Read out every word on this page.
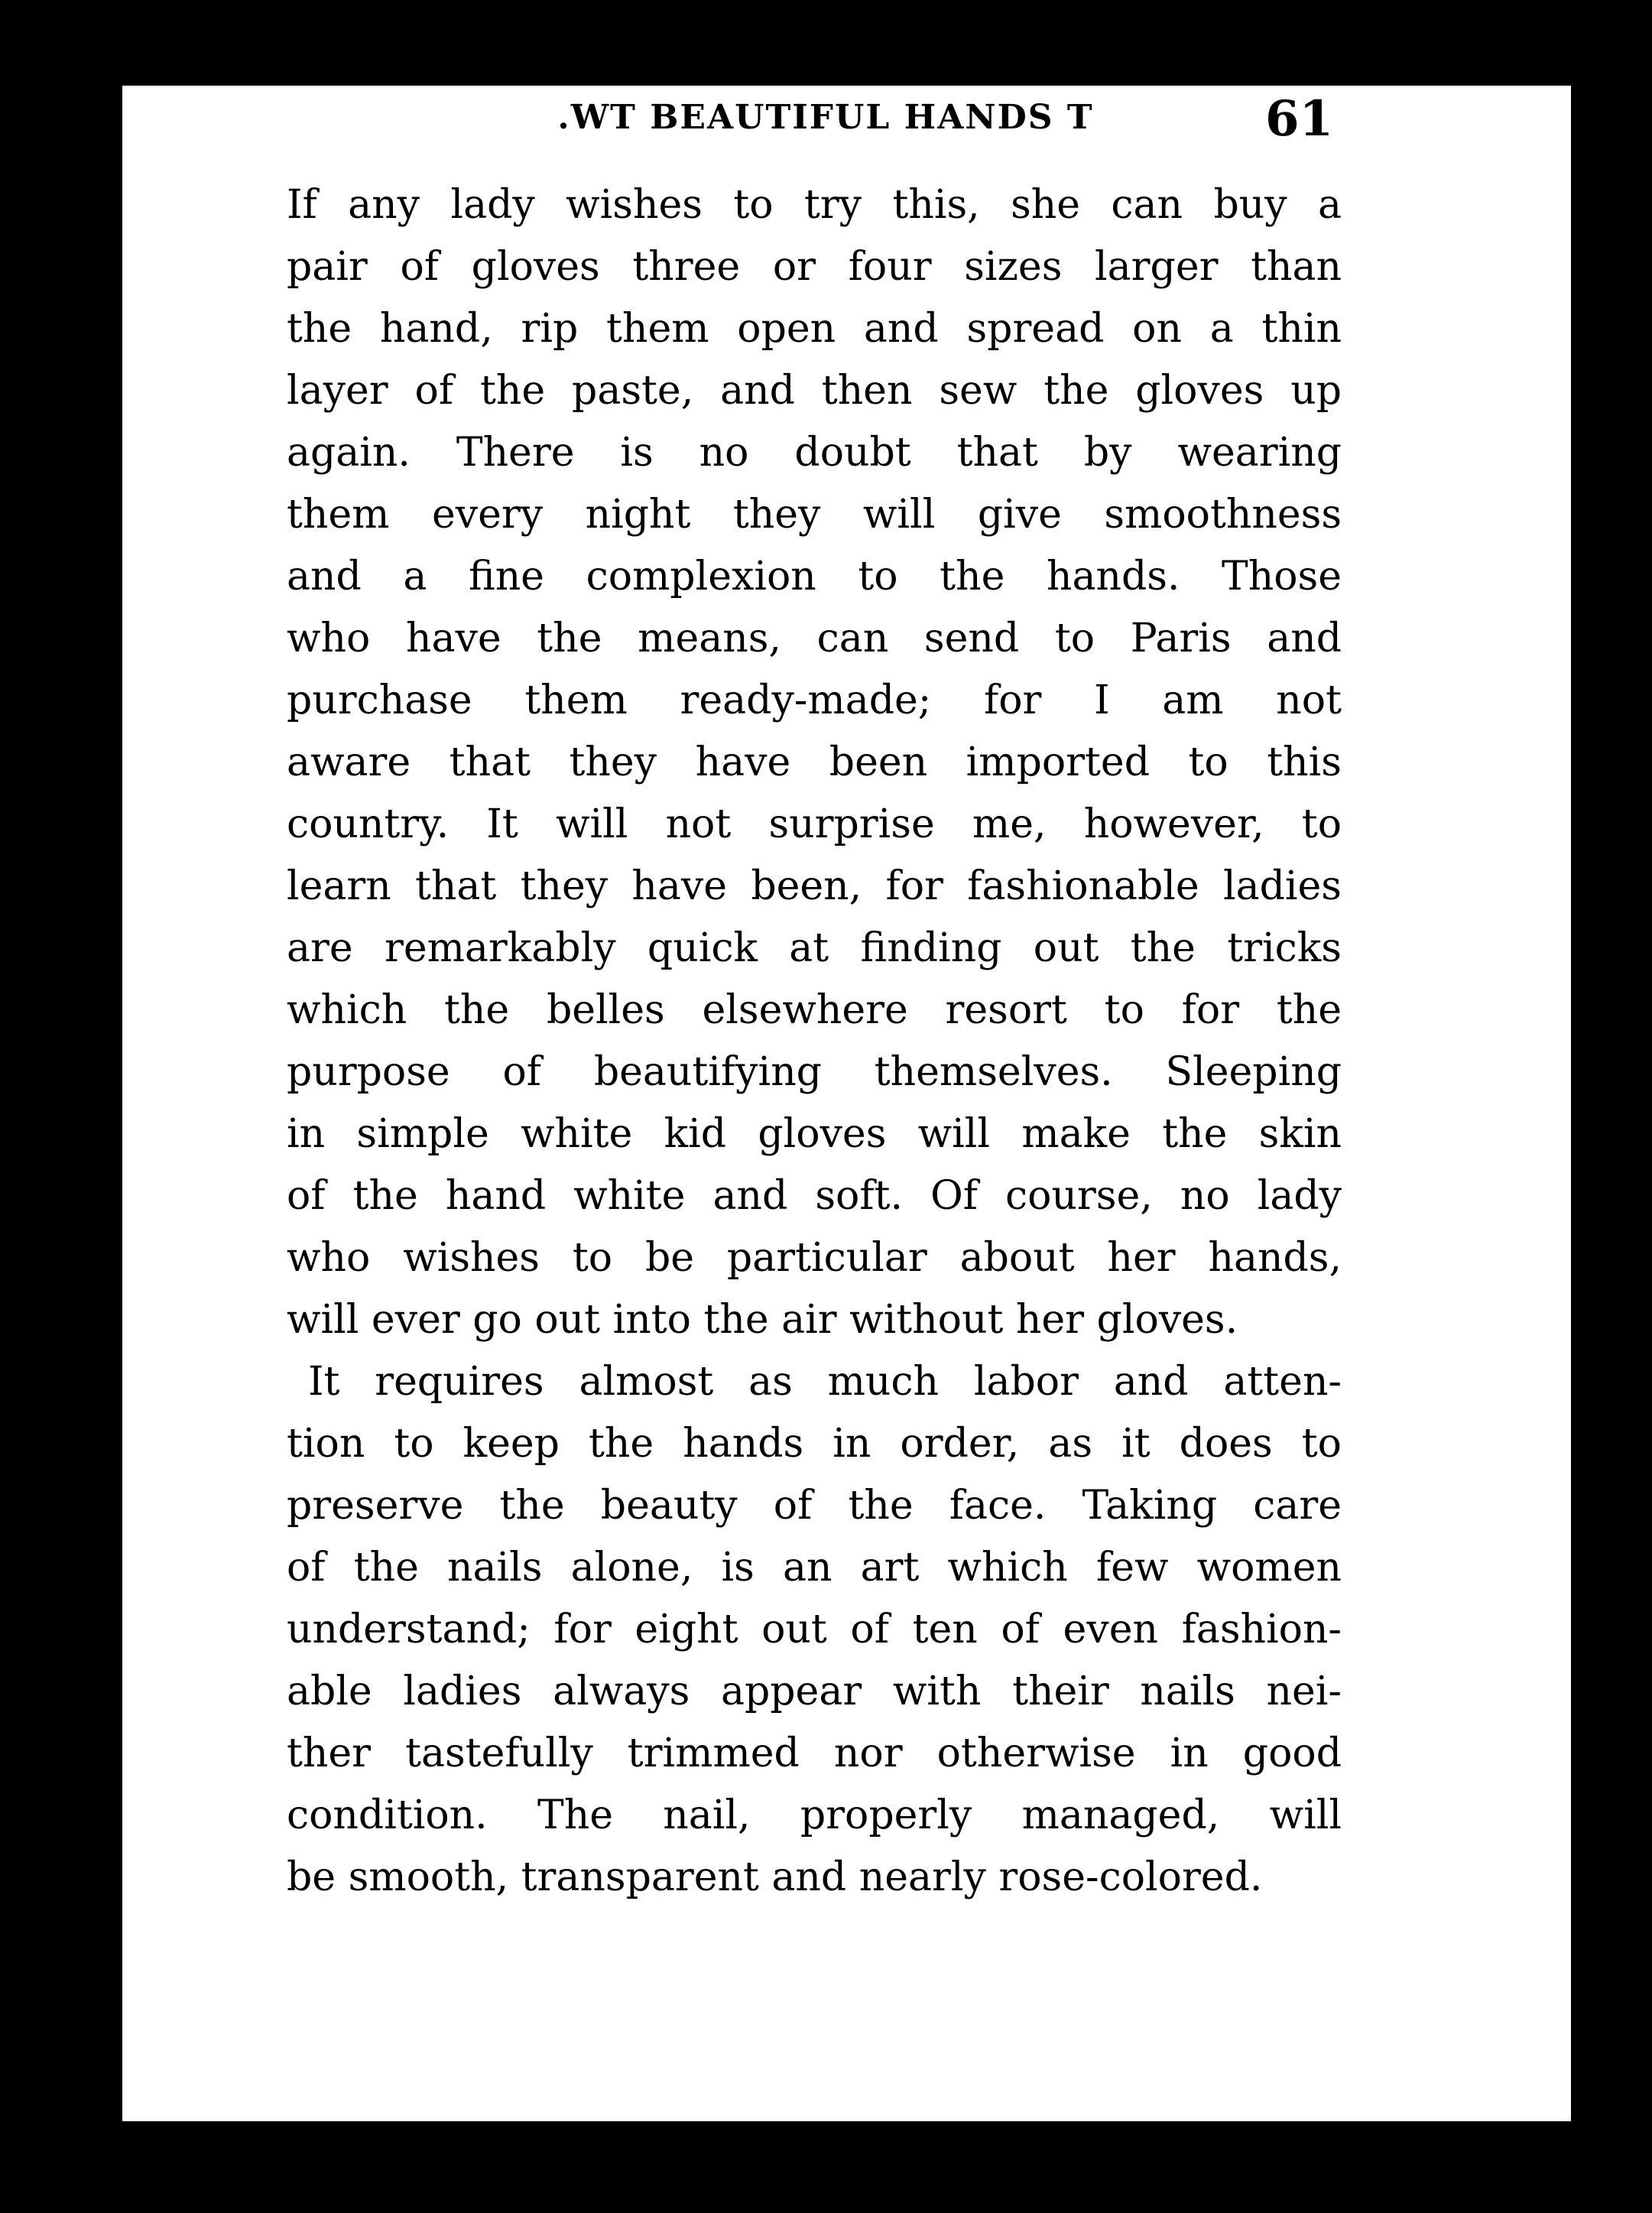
.WT BEAUTIFUL HANDS T	61
If any lady wishes to try this, she can buy a
pair of gloves three or four sizes larger than
the hand, rip them open and spread on a thin
layer of the paste, and then sew the gloves up
again. There is no doubt that by wearing
them every night they will give smoothness
and a fine complexion to the hands. Those
who have the means, can send to Paris and
purchase them ready-made; for I am not
aware that they have been imported to this
country. It will not surprise me, however, to
learn that they have been, for fashionable ladies
are remarkably quick at finding out the tricks
which the belles elsewhere resort to for the
purpose of beautifying themselves. Sleeping
in simple white kid gloves will make the skin
of the hand white and soft. Of course, no lady
who wishes to be particular about her hands,
will ever go out into the air without her gloves.
It requires almost as much labor and atten-
tion to keep the hands in order, as it does to
preserve the beauty of the face. Taking care
of the nails alone, is an art which few women
understand; for eight out of ten of even fashion-
able ladies always appear with their nails nei-
ther tastefully trimmed nor otherwise in good
condition. The nail, properly managed, will
be smooth, transparent and nearly rose-colored.
